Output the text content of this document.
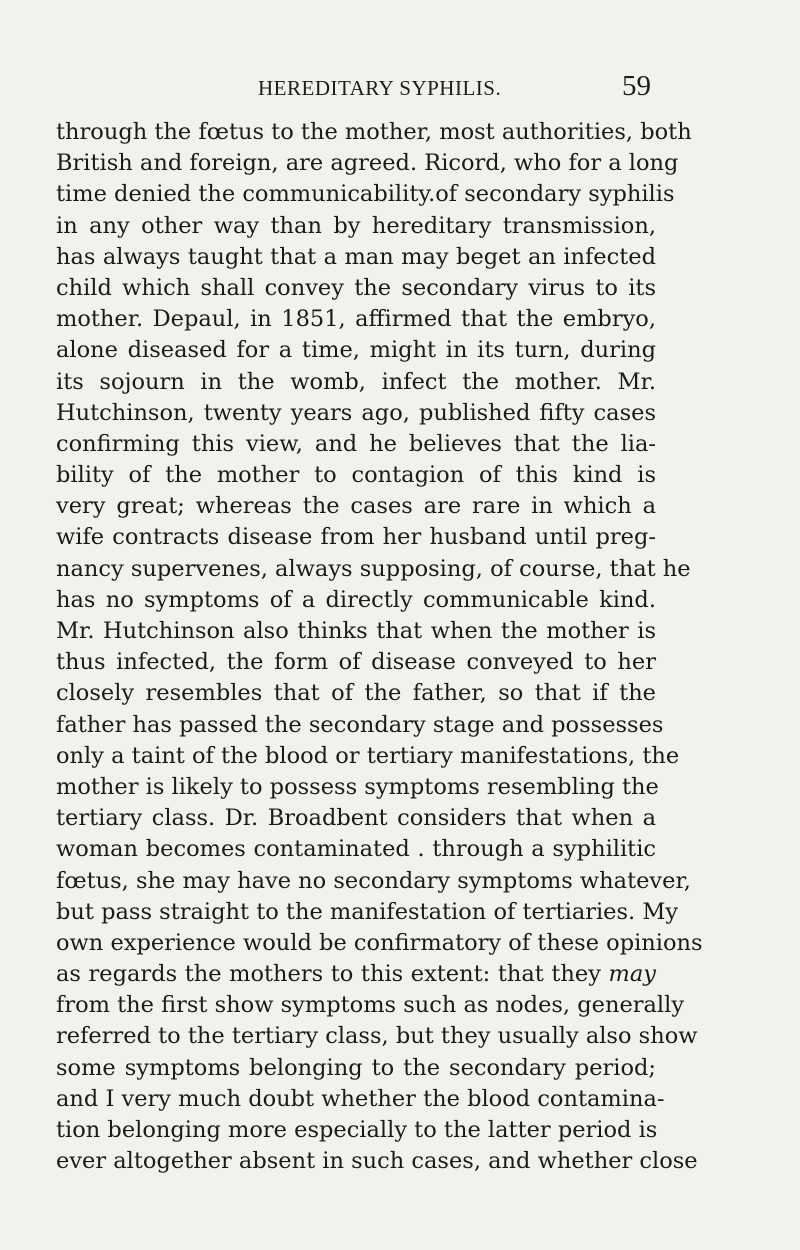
HEREDITARY SYPHILIS.	59
through the fœtus to the mother, most authorities, both
British and foreign, are agreed. Ricord, who for a long
time denied the communicability.of secondary syphilis
in any other way than by hereditary transmission,
has always taught that a man may beget an infected
child which shall convey the secondary virus to its
mother. Depaul, in 1851, affirmed that the embryo,
alone diseased for a time, might in its turn, during
its sojourn in the womb, infect the mother. Mr.
Hutchinson, twenty years ago, published fifty cases
confirming this view, and he believes that the lia-
bility of the mother to contagion of this kind is
very great; whereas the cases are rare in which a
wife contracts disease from her husband until preg-
nancy supervenes, always supposing, of course, that he
has no symptoms of a directly communicable kind.
Mr. Hutchinson also thinks that when the mother is
thus infected, the form of disease conveyed to her
closely resembles that of the father, so that if the
father has passed the secondary stage and possesses
only a taint of the blood or tertiary manifestations, the
mother is likely to possess symptoms resembling the
tertiary class. Dr. Broadbent considers that when a
woman becomes contaminated . through a syphilitic
fœtus, she may have no secondary symptoms whatever,
but pass straight to the manifestation of tertiaries. My
own experience would be confirmatory of these opinions
as regards the mothers to this extent: that they may
from the first show symptoms such as nodes, generally
referred to the tertiary class, but they usually also show
some symptoms belonging to the secondary period;
and I very much doubt whether the blood contamina-
tion belonging more especially to the latter period is
ever altogether absent in such cases, and whether close
